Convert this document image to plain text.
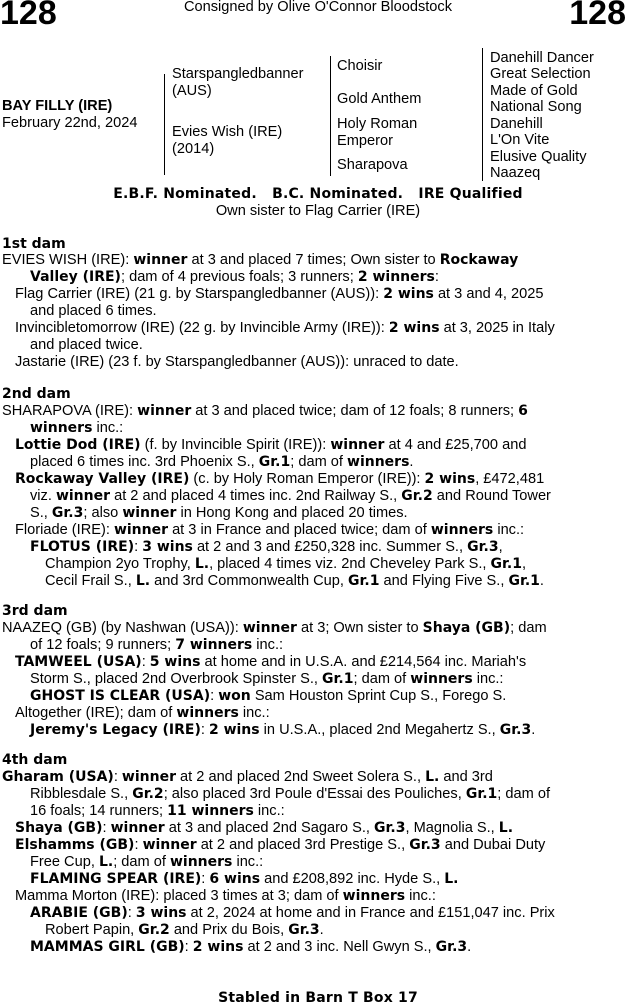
128	128
Consigned by Olive O'Connor Bloodstock
BAY FILLY (IRE)
February 22nd, 2024
Starspangledbanner (AUS)
Evies Wish (IRE) (2014)
Choisir
Gold Anthem
Holy Roman Emperor
Sharapova
Danehill Dancer
Great Selection
Made of Gold
National Song
Danehill
L'On Vite
Elusive Quality
Naazeq
E.B.F. Nominated.   B.C. Nominated.   IRE Qualified
Own sister to Flag Carrier (IRE)
1st dam
EVIES WISH (IRE): winner at 3 and placed 7 times; Own sister to Rockaway
Valley (IRE); dam of 4 previous foals; 3 runners; 2 winners:
Flag Carrier (IRE) (21 g. by Starspangledbanner (AUS)): 2 wins at 3 and 4, 2025
and placed 6 times.
Invincibletomorrow (IRE) (22 g. by Invincible Army (IRE)): 2 wins at 3, 2025 in Italy
and placed twice.
Jastarie (IRE) (23 f. by Starspangledbanner (AUS)): unraced to date.
2nd dam
SHARAPOVA (IRE): winner at 3 and placed twice; dam of 12 foals; 8 runners; 6
winners inc.:
Lottie Dod (IRE) (f. by Invincible Spirit (IRE)): winner at 4 and £25,700 and
placed 6 times inc. 3rd Phoenix S., Gr.1; dam of winners.
Rockaway Valley (IRE) (c. by Holy Roman Emperor (IRE)): 2 wins, £472,481
viz. winner at 2 and placed 4 times inc. 2nd Railway S., Gr.2 and Round Tower
S., Gr.3; also winner in Hong Kong and placed 20 times.
Floriade (IRE): winner at 3 in France and placed twice; dam of winners inc.:
FLOTUS (IRE): 3 wins at 2 and 3 and £250,328 inc. Summer S., Gr.3,
Champion 2yo Trophy, L., placed 4 times viz. 2nd Cheveley Park S., Gr.1,
Cecil Frail S., L. and 3rd Commonwealth Cup, Gr.1 and Flying Five S., Gr.1.
3rd dam
NAAZEQ (GB) (by Nashwan (USA)): winner at 3; Own sister to Shaya (GB); dam
of 12 foals; 9 runners; 7 winners inc.:
TAMWEEL (USA): 5 wins at home and in U.S.A. and £214,564 inc. Mariah's
Storm S., placed 2nd Overbrook Spinster S., Gr.1; dam of winners inc.:
GHOST IS CLEAR (USA): won Sam Houston Sprint Cup S., Forego S.
Altogether (IRE); dam of winners inc.:
Jeremy's Legacy (IRE): 2 wins in U.S.A., placed 2nd Megahertz S., Gr.3.
4th dam
Gharam (USA): winner at 2 and placed 2nd Sweet Solera S., L. and 3rd
Ribblesdale S., Gr.2; also placed 3rd Poule d'Essai des Pouliches, Gr.1; dam of
16 foals; 14 runners; 11 winners inc.:
Shaya (GB): winner at 3 and placed 2nd Sagaro S., Gr.3, Magnolia S., L.
Elshamms (GB): winner at 2 and placed 3rd Prestige S., Gr.3 and Dubai Duty
Free Cup, L.; dam of winners inc.:
FLAMING SPEAR (IRE): 6 wins and £208,892 inc. Hyde S., L.
Mamma Morton (IRE): placed 3 times at 3; dam of winners inc.:
ARABIE (GB): 3 wins at 2, 2024 at home and in France and £151,047 inc. Prix
Robert Papin, Gr.2 and Prix du Bois, Gr.3.
MAMMAS GIRL (GB): 2 wins at 2 and 3 inc. Nell Gwyn S., Gr.3.
Stabled in Barn T Box 17
